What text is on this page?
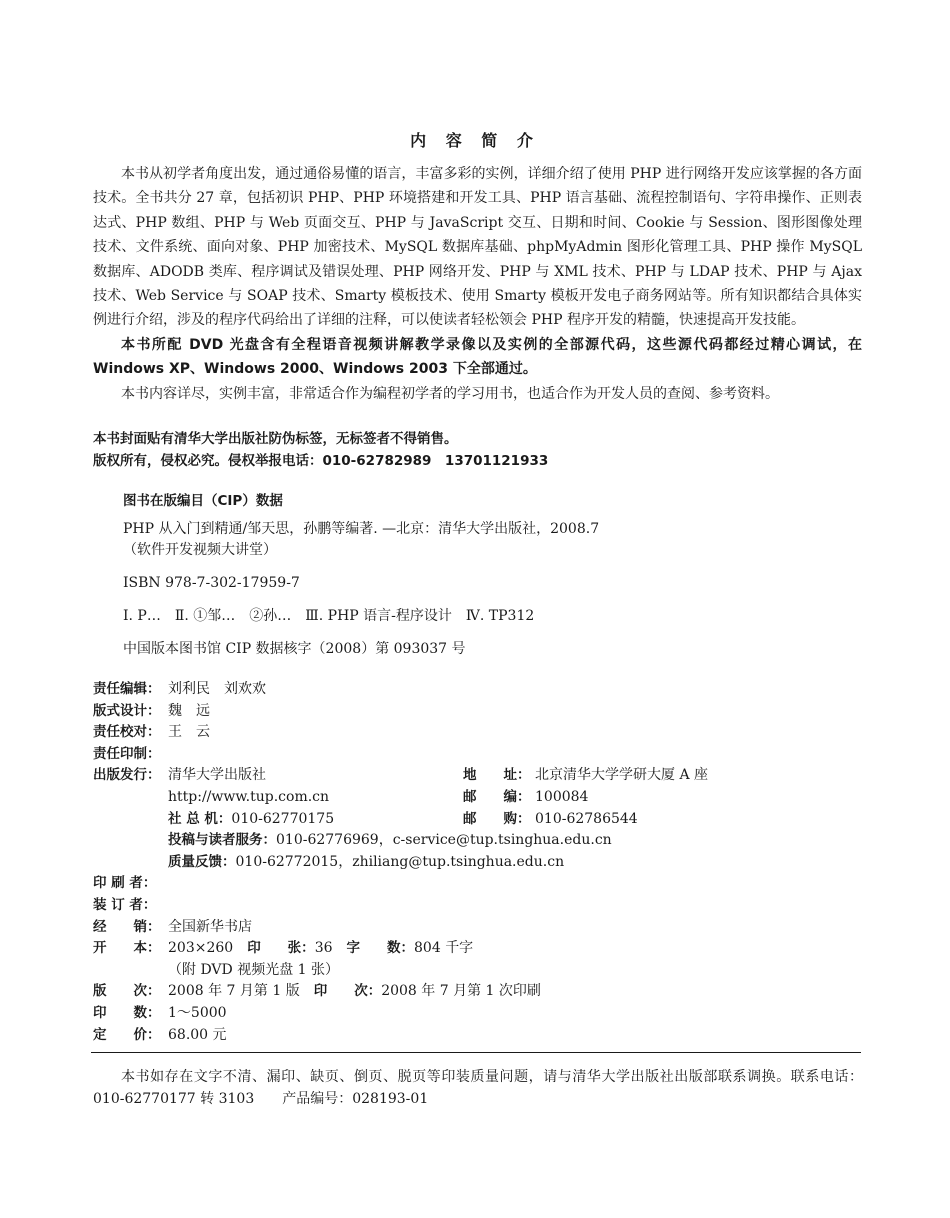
内 容 简 介

本书从初学者角度出发，通过通俗易懂的语言，丰富多彩的实例，详细介绍了使用 PHP 进行网络开发应该掌握的各方面技术。全书共分 27 章，包括初识 PHP、PHP 环境搭建和开发工具、PHP 语言基础、流程控制语句、字符串操作、正则表达式、PHP 数组、PHP 与 Web 页面交互、PHP 与 JavaScript 交互、日期和时间、Cookie 与 Session、图形图像处理技术、文件系统、面向对象、PHP 加密技术、MySQL 数据库基础、phpMyAdmin 图形化管理工具、PHP 操作 MySQL 数据库、ADODB 类库、程序调试及错误处理、PHP 网络开发、PHP 与 XML 技术、PHP 与 LDAP 技术、PHP 与 Ajax 技术、Web Service 与 SOAP 技术、Smarty 模板技术、使用 Smarty 模板开发电子商务网站等。所有知识都结合具体实例进行介绍，涉及的程序代码给出了详细的注释，可以使读者轻松领会 PHP 程序开发的精髓，快速提高开发技能。

本书所配 DVD 光盘含有全程语音视频讲解教学录像以及实例的全部源代码，这些源代码都经过精心调试，在 Windows XP、Windows 2000、Windows 2003 下全部通过。

本书内容详尽，实例丰富，非常适合作为编程初学者的学习用书，也适合作为开发人员的查阅、参考资料。

本书封面贴有清华大学出版社防伪标签，无标签者不得销售。
版权所有，侵权必究。侵权举报电话：010-62782989　13701121933
图书在版编目（CIP）数据
PHP 从入门到精通/邹天思，孙鹏等编著. —北京：清华大学出版社，2008.7
（软件开发视频大讲堂）
ISBN 978-7-302-17959-7
Ⅰ. P…　Ⅱ. ①邹…　②孙…　Ⅲ. PHP 语言-程序设计　Ⅳ. TP312
中国版本图书馆 CIP 数据核字（2008）第 093037 号
责任编辑： 刘利民　刘欢欢
版式设计： 魏　远
责任校对： 王　云
责任印制：
出版发行： 清华大学出版社	地　　址： 北京清华大学学研大厦 A 座
http://www.tup.com.cn	邮　　编： 100084
社 总 机：010-62770175	邮　　购： 010-62786544
投稿与读者服务：010-62776969，c-service@tup.tsinghua.edu.cn
质量反馈：010-62772015，zhiliang@tup.tsinghua.edu.cn
印 刷 者：
装 订 者：
经　　销： 全国新华书店
开　　本： 203×260　 印　　张：36　 字　　数：804 千字
（附 DVD 视频光盘 1 张）
版　　次： 2008 年 7 月第 1 版　 印　　次：2008 年 7 月第 1 次印刷
印　　数： 1～5000
定　　价： 68.00 元

本书如存在文字不清、漏印、缺页、倒页、脱页等印装质量问题，请与清华大学出版社出版部联系调换。联系电话：010-62770177 转 3103　　产品编号：028193-01
